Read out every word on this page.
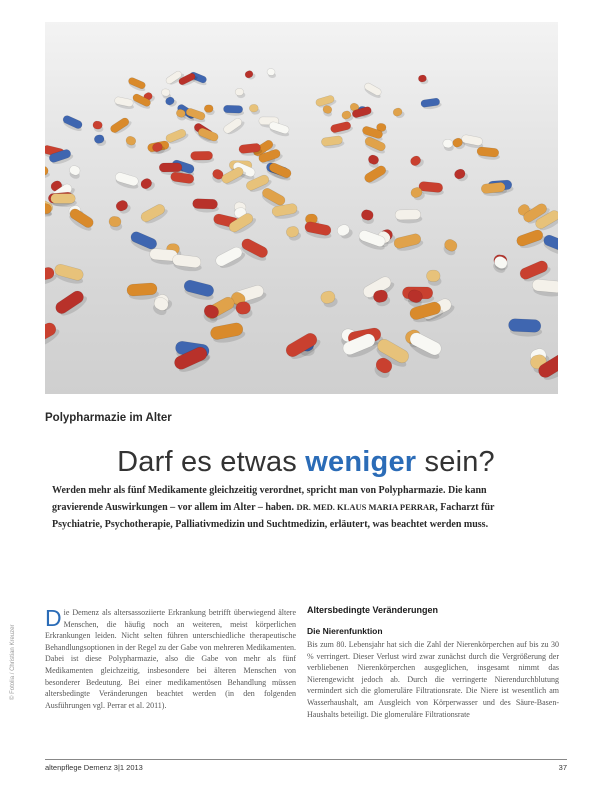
© Fotolia / Christian Kreuzer
Polypharmazie im Alter
Darf es etwas weniger sein?
Werden mehr als fünf Medikamente gleichzeitig verordnet, spricht man von Polypharmazie. Die kann gravierende Auswirkungen – vor allem im Alter – haben. DR. MED. KLAUS MARIA PERRAR, Facharzt für Psychiatrie, Psychotherapie, Palliativmedizin und Suchtmedizin, erläutert, was beachtet werden muss.
Die Demenz als altersassoziierte Erkrankung betrifft überwiegend ältere Menschen, die häufig noch an weiteren, meist körperlichen Erkrankungen leiden. Nicht selten führen unterschiedliche therapeutische Behandlungsoptionen in der Regel zu der Gabe von mehreren Medikamenten. Dabei ist diese Polypharmazie, also die Gabe von mehr als fünf Medikamenten gleichzeitig, insbesondere bei älteren Menschen von besonderer Bedeutung. Bei einer medikamentösen Behandlung müssen altersbedingte Veränderungen beachtet werden (in den folgenden Ausführungen vgl. Perrar et al. 2011).
Altersbedingte Veränderungen
Die Nierenfunktion
Bis zum 80. Lebensjahr hat sich die Zahl der Nierenkörperchen auf bis zu 30 % verringert. Dieser Verlust wird zwar zunächst durch die Vergrößerung der verbliebenen Nierenkörperchen ausgeglichen, insgesamt nimmt das Nierengewicht jedoch ab. Durch die verringerte Nierendurchblutung vermindert sich die glomeruläre Filtrationsrate. Die Niere ist wesentlich am Wasserhaushalt, am Ausgleich von Körperwasser und des Säure-Basen-Haushalts beteiligt. Die glomeruläre Filtrationsrate
altenpflege Demenz 3|1 2013	37
